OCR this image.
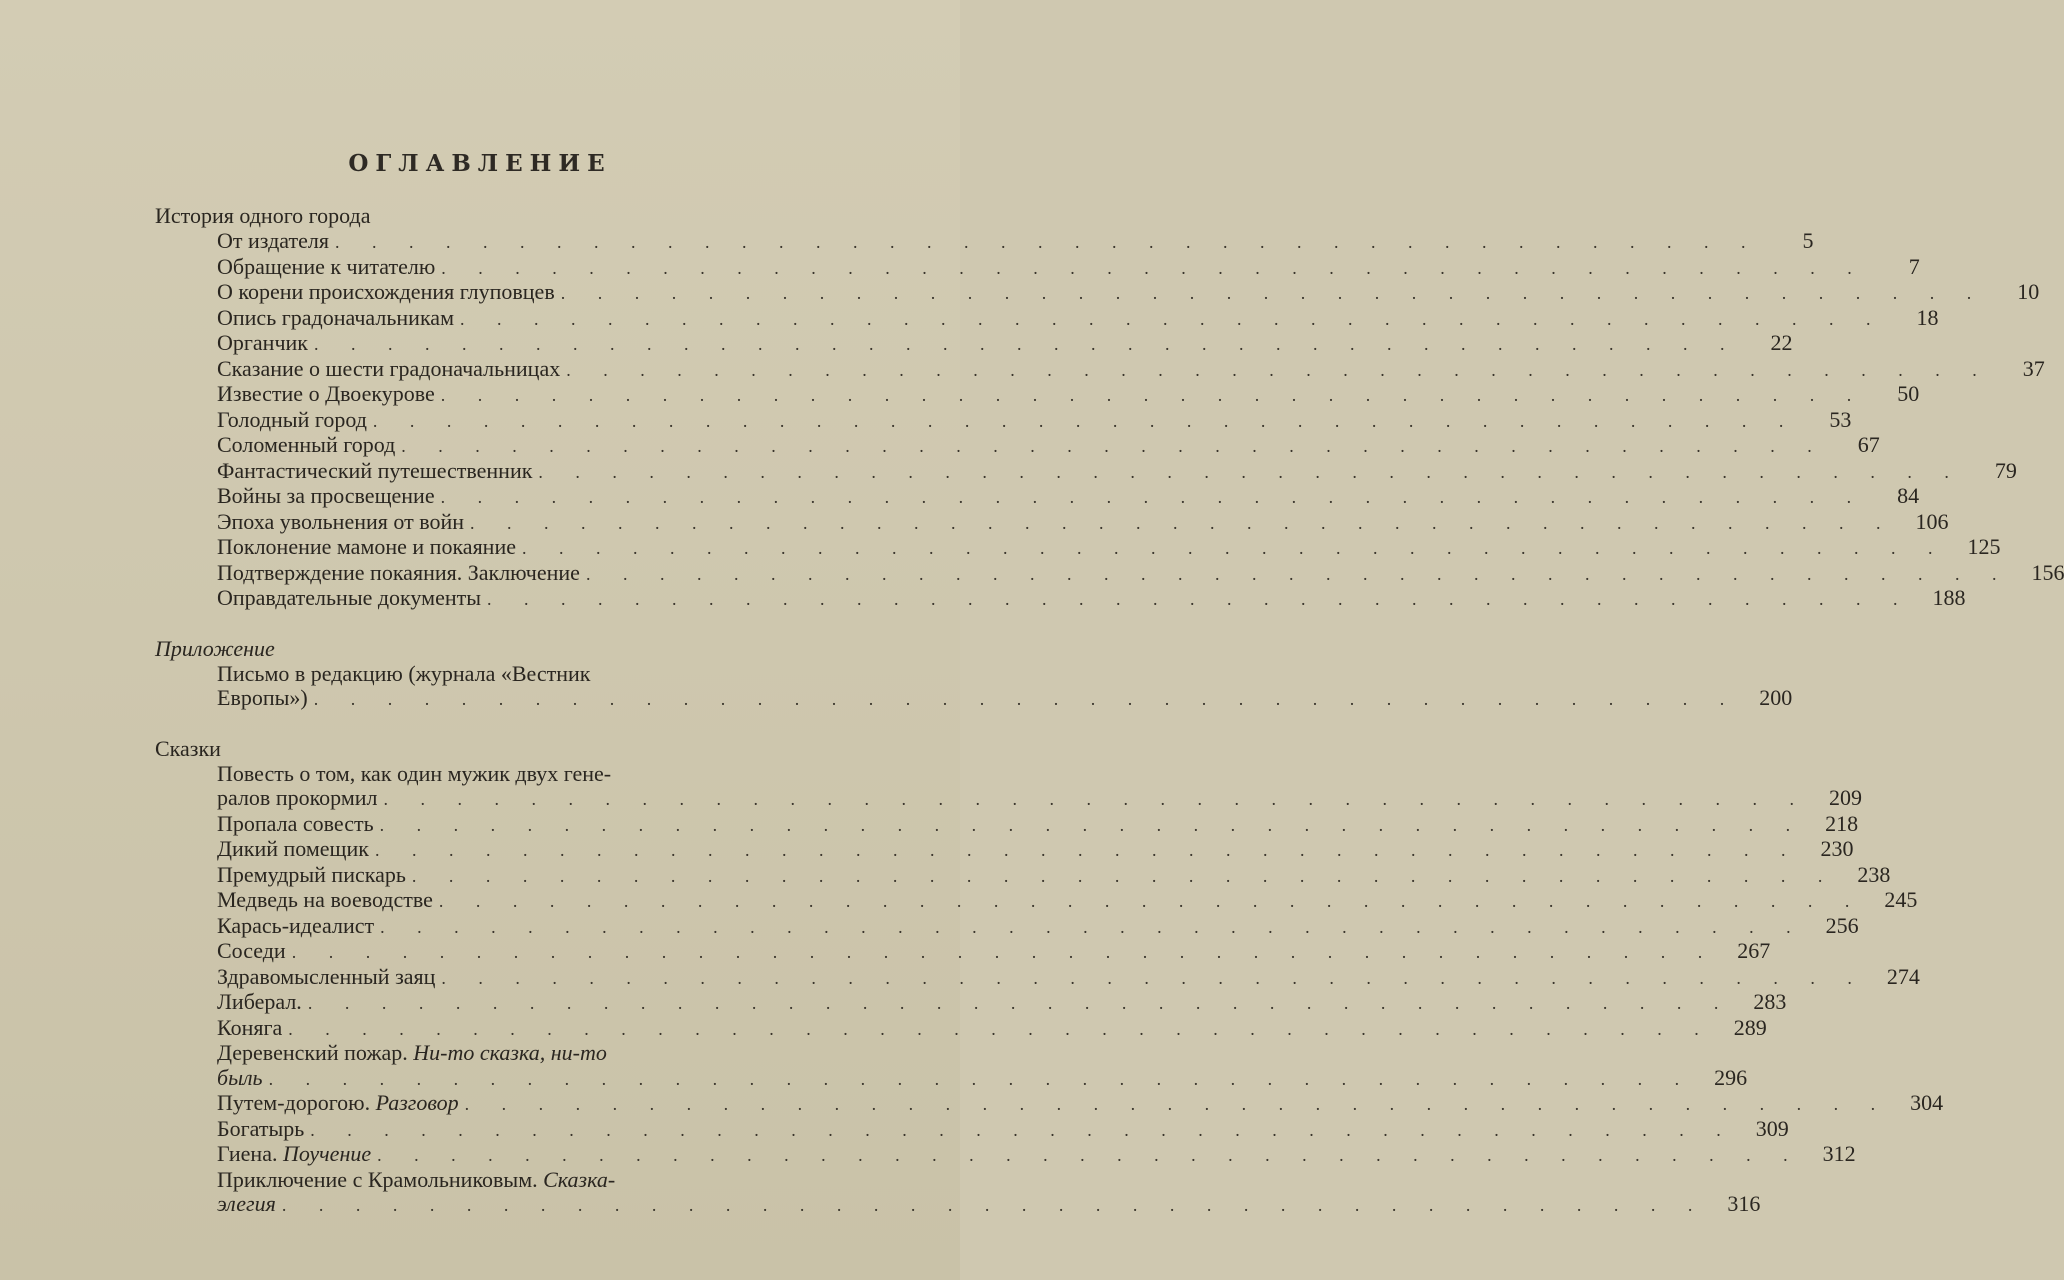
ОГЛАВЛЕНИЕ
История одного города
От издателя . . . . . . . . . . . . . . . . . . . . . . . . . . . . . . . . . . . . . . .	5
Обращение к читателю . . . . . . . . . . . . . . . . . . . . . . . . . . . . . . . . . . . . . . .	7
О корени происхождения глуповцев . . . . . . . . . . . . . . . . . . . . . . . . . . . . . . . . . . . . . . .	10
Опись градоначальникам . . . . . . . . . . . . . . . . . . . . . . . . . . . . . . . . . . . . . . .	18
Органчик . . . . . . . . . . . . . . . . . . . . . . . . . . . . . . . . . . . . . . .	22
Сказание о шести градоначальницах . . . . . . . . . . . . . . . . . . . . . . . . . . . . . . . . . . . . . . .	37
Известие о Двоекурове . . . . . . . . . . . . . . . . . . . . . . . . . . . . . . . . . . . . . . .	50
Голодный город . . . . . . . . . . . . . . . . . . . . . . . . . . . . . . . . . . . . . . .	53
Соломенный город . . . . . . . . . . . . . . . . . . . . . . . . . . . . . . . . . . . . . . .	67
Фантастический путешественник . . . . . . . . . . . . . . . . . . . . . . . . . . . . . . . . . . . . . . .	79
Войны за просвещение . . . . . . . . . . . . . . . . . . . . . . . . . . . . . . . . . . . . . . .	84
Эпоха увольнения от войн . . . . . . . . . . . . . . . . . . . . . . . . . . . . . . . . . . . . . . . 106
Поклонение мамоне и покаяние . . . . . . . . . . . . . . . . . . . . . . . . . . . . . . . . . . . . . . . 125
Подтверждение покаяния. Заключение . . . . . . . . . . . . . . . . . . . . . . . . . . . . . . . . . . . . . . . 156
Оправдательные документы . . . . . . . . . . . . . . . . . . . . . . . . . . . . . . . . . . . . . . . 188
Приложение
Письмо в редакцию (журнала «Вестник
Европы») . . . . . . . . . . . . . . . . . . . . . . . . . . . . . . . . . . . . . . . 200
Сказки
Повесть о том, как один мужик двух гене-
ралов прокормил . . . . . . . . . . . . . . . . . . . . . . . . . . . . . . . . . . . . . . . 209
Пропала совесть . . . . . . . . . . . . . . . . . . . . . . . . . . . . . . . . . . . . . . . 218
Дикий помещик . . . . . . . . . . . . . . . . . . . . . . . . . . . . . . . . . . . . . . . 230
Премудрый пискарь . . . . . . . . . . . . . . . . . . . . . . . . . . . . . . . . . . . . . . . 238
Медведь на воеводстве . . . . . . . . . . . . . . . . . . . . . . . . . . . . . . . . . . . . . . . 245
Карась-идеалист . . . . . . . . . . . . . . . . . . . . . . . . . . . . . . . . . . . . . . . 256
Соседи . . . . . . . . . . . . . . . . . . . . . . . . . . . . . . . . . . . . . . . 267
Здравомысленный заяц . . . . . . . . . . . . . . . . . . . . . . . . . . . . . . . . . . . . . . . 274
Либерал. . . . . . . . . . . . . . . . . . . . . . . . . . . . . . . . . . . . . . . . 283
Коняга . . . . . . . . . . . . . . . . . . . . . . . . . . . . . . . . . . . . . . . 289
Деревенский пожар. Ни-то сказка, ни-то
быль . . . . . . . . . . . . . . . . . . . . . . . . . . . . . . . . . . . . . . . 296
Путем-дорогою. Разговор . . . . . . . . . . . . . . . . . . . . . . . . . . . . . . . . . . . . . . . 304
Богатырь . . . . . . . . . . . . . . . . . . . . . . . . . . . . . . . . . . . . . . . 309
Гиена. Поучение . . . . . . . . . . . . . . . . . . . . . . . . . . . . . . . . . . . . . . . 312
Приключение с Крамольниковым. Сказка-
элегия . . . . . . . . . . . . . . . . . . . . . . . . . . . . . . . . . . . . . . . 316
